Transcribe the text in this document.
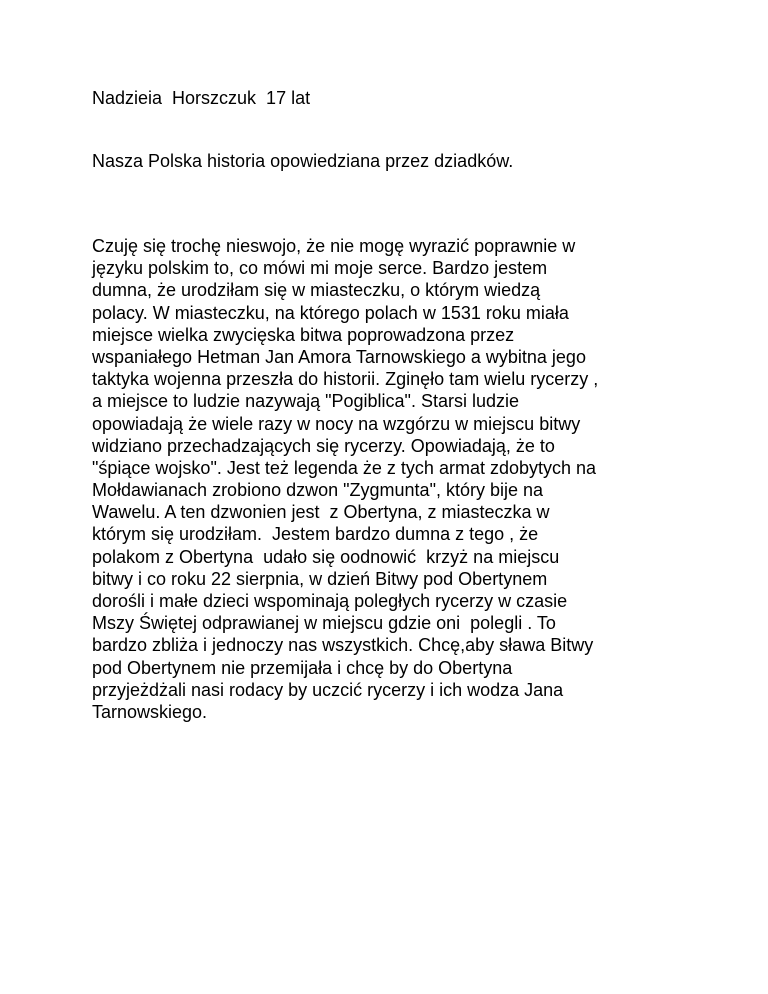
Nadzieia  Horszczuk  17 lat

Nasza Polska historia opowiedziana przez dziadków.
Czuję się trochę nieswojo, że nie mogę wyrazić poprawnie w
języku polskim to, co mówi mi moje serce. Bardzo jestem
dumna, że urodziłam się w miasteczku, o którym wiedzą
polacy. W miasteczku, na którego polach w 1531 roku miała
miejsce wielka zwycięska bitwa poprowadzona przez
wspaniałego Hetman Jan Amora Tarnowskiego a wybitna jego
taktyka wojenna przeszła do historii. Zginęło tam wielu rycerzy ,
a miejsce to ludzie nazywają "Pogiblica". Starsi ludzie
opowiadają że wiele razy w nocy na wzgórzu w miejscu bitwy
widziano przechadzających się rycerzy. Opowiadają, że to
"śpiące wojsko". Jest też legenda że z tych armat zdobytych na
Mołdawianach zrobiono dzwon "Zygmunta", który bije na
Wawelu. A ten dzwonien jest  z Obertyna, z miasteczka w
którym się urodziłam.  Jestem bardzo dumna z tego , że
polakom z Obertyna  udało się oodnowić  krzyż na miejscu
bitwy i co roku 22 sierpnia, w dzień Bitwy pod Obertynem
dorośli i małe dzieci wspominają poległych rycerzy w czasie
Mszy Świętej odprawianej w miejscu gdzie oni  polegli . To
bardzo zbliża i jednoczy nas wszystkich. Chcę,aby sława Bitwy
pod Obertynem nie przemijała i chcę by do Obertyna
przyjeżdżali nasi rodacy by uczcić rycerzy i ich wodza Jana
Tarnowskiego.
